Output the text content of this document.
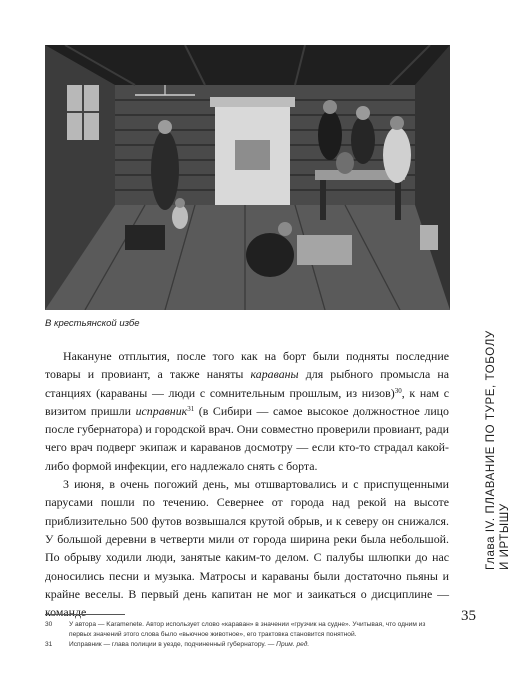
В крестьянской избе

Накануне отплытия, после того как на борт были подняты последние товары и провиант, а также наняты караваны для рыбного промысла на станциях (караваны — люди с сомнительным прошлым, из низов)$^{30}$, к нам с визитом пришли исправник$^{31}$ (в Сибири — самое высокое должностное лицо после губернатора) и городской врач. Они совместно проверили провиант, ради чего врач подверг экипаж и караванов досмотру — если кто-то страдал какой-либо формой инфекции, его надлежало снять с борта.

3 июня, в очень погожий день, мы отшвартовались и с приспущенными парусами пошли по течению. Севернее от города над рекой на высоте приблизительно 500 футов возвышался крутой обрыв, и к северу он снижался. У большой деревни в четверти мили от города ширина реки была небольшой. По обрыву ходили люди, занятые каким-то делом. С палубы шлюпки до нас доносились песни и музыка. Матросы и караваны были достаточно пьяны и крайне веселы. В первый день капитан не мог и заикаться о дисциплине — команде

30	У автора — Karamenete. Автор использует слово «караван» в значении «грузчик на судне». Учитывая, что одним из первых значений этого слова было «вьючное животное», его трактовка становится понятной.
31	Исправник — глава полиции в уезде, подчиненный губернатору. — Прим. ред.
Глава IV. ПЛАВАНИЕ ПО ТУРЕ, ТОБОЛУ И ИРТЫШУ
35
